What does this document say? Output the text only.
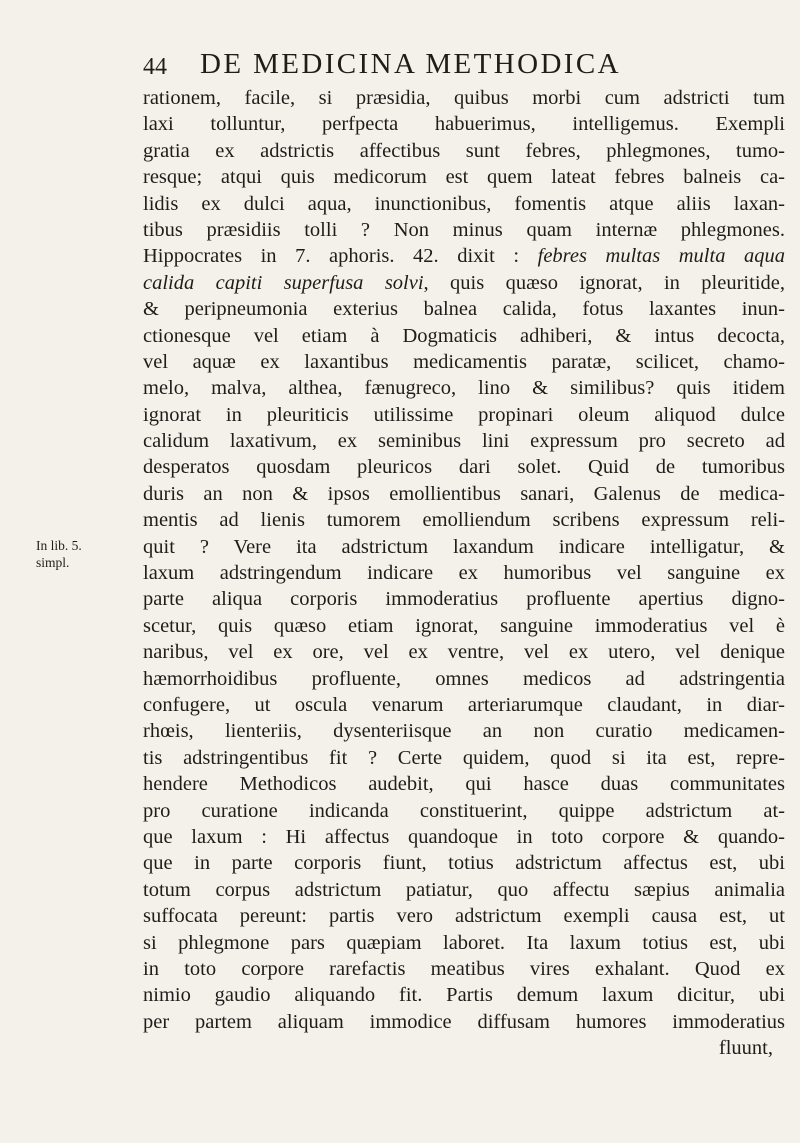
44 DE MEDICINA METHODICA
In lib. 5.
simpl.
rationem, facile, si præsidia, quibus morbi cum adstricti tum
laxi tolluntur, perfpecta habuerimus, intelligemus. Exempli
gratia ex adstrictis affectibus sunt febres, phlegmones, tumo-
resque; atqui quis medicorum est quem lateat febres balneis ca-
lidis ex dulci aqua, inunctionibus, fomentis atque aliis laxan-
tibus præsidiis tolli ? Non minus quam internæ phlegmones.
Hippocrates in 7. aphoris. 42. dixit : febres multas multa aqua
calida capiti superfusa solvi, quis quæso ignorat, in pleuritide,
& peripneumonia exterius balnea calida, fotus laxantes inun-
ctionesque vel etiam à Dogmaticis adhiberi, & intus decocta,
vel aquæ ex laxantibus medicamentis paratæ, scilicet, chamo-
melo, malva, althea, fænugreco, lino & similibus? quis itidem
ignorat in pleuriticis utilissime propinari oleum aliquod dulce
calidum laxativum, ex seminibus lini expressum pro secreto ad
desperatos quosdam pleuricos dari solet. Quid de tumoribus
duris an non & ipsos emollientibus sanari, Galenus de medica-
mentis ad lienis tumorem emolliendum scribens expressum reli-
quit ? Vere ita adstrictum laxandum indicare intelligatur, &
laxum adstringendum indicare ex humoribus vel sanguine ex
parte aliqua corporis immoderatius profluente apertius digno-
scetur, quis quæso etiam ignorat, sanguine immoderatius vel è
naribus, vel ex ore, vel ex ventre, vel ex utero, vel denique
hæmorrhoidibus profluente, omnes medicos ad adstringentia
confugere, ut osculа venarum arteriarumque claudant, in diar-
rhœis, lienteriis, dysenteriisque an non curatio medicamen-
tis adstringentibus fit ? Certe quidem, quod si ita est, repre-
hendere Methodicos audebit, qui hasce duas communitates
pro curatione indicanda constituerint, quippe adstrictum at-
que laxum : Hi affectus quandoque in toto corpore & quando-
que in parte corporis fiunt, totius adstrictum affectus est, ubi
totum corpus adstrictum patiatur, quo affectu sæpius animalia
suffocata pereunt: partis vero adstrictum exempli causa est, ut
si phlegmone pars quæpiam laboret. Ita laxum totius est, ubi
in toto corpore rarefactis meatibus vires exhalant. Quod ex
nimio gaudio aliquando fit. Partis demum laxum dicitur, ubi
per partem aliquam immodice diffusam humores immoderatius
fluunt,
